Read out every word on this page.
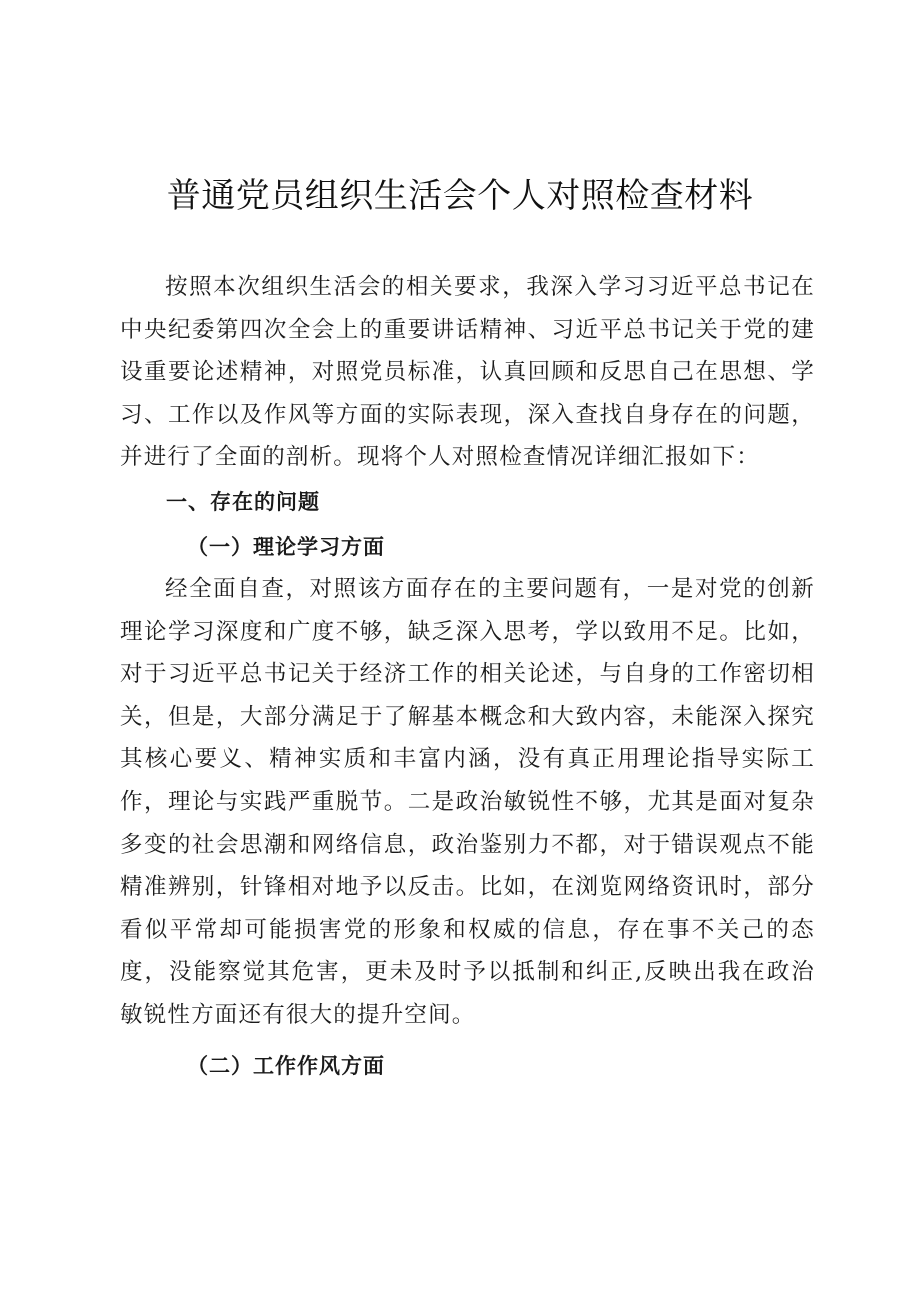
普通党员组织生活会个人对照检查材料

按照本次组织生活会的相关要求，我深入学习习近平总书记在中央纪委第四次全会上的重要讲话精神、习近平总书记关于党的建设重要论述精神，对照党员标准，认真回顾和反思自己在思想、学习、工作以及作风等方面的实际表现，深入查找自身存在的问题，并进行了全面的剖析。现将个人对照检查情况详细汇报如下：

一、存在的问题
（一）理论学习方面

经全面自查，对照该方面存在的主要问题有，一是对党的创新理论学习深度和广度不够，缺乏深入思考，学以致用不足。比如，对于习近平总书记关于经济工作的相关论述，与自身的工作密切相关，但是，大部分满足于了解基本概念和大致内容，未能深入探究其核心要义、精神实质和丰富内涵，没有真正用理论指导实际工作，理论与实践严重脱节。二是政治敏锐性不够，尤其是面对复杂多变的社会思潮和网络信息，政治鉴别力不都，对于错误观点不能精准辨别，针锋相对地予以反击。比如，在浏览网络资讯时，部分看似平常却可能损害党的形象和权威的信息，存在事不关己的态度，没能察觉其危害，更未及时予以抵制和纠正,反映出我在政治敏锐性方面还有很大的提升空间。

（二）工作作风方面
